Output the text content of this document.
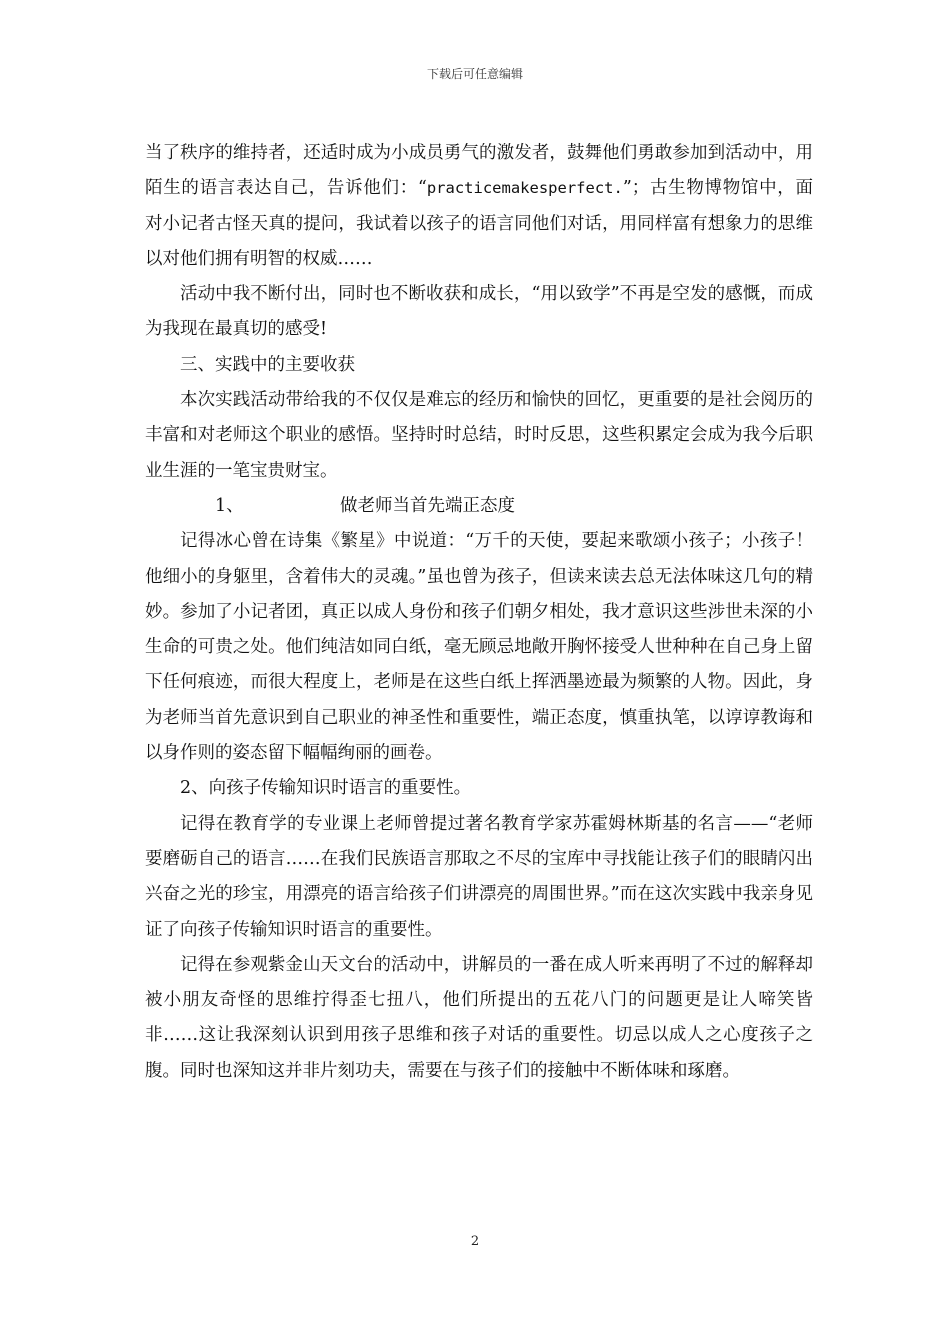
下载后可任意编辑

当了秩序的维持者，还适时成为小成员勇气的激发者，鼓舞他们勇敢参加到活动中，用陌生的语言表达自己，告诉他们：“practicemakesperfect.”；古生物博物馆中，面对小记者古怪天真的提问，我试着以孩子的语言同他们对话，用同样富有想象力的思维以对他们拥有明智的权威……

活动中我不断付出，同时也不断收获和成长，“用以致学”不再是空发的感慨，而成为我现在最真切的感受!

三、实践中的主要收获

本次实践活动带给我的不仅仅是难忘的经历和愉快的回忆，更重要的是社会阅历的丰富和对老师这个职业的感悟。坚持时时总结，时时反思，这些积累定会成为我今后职业生涯的一笔宝贵财宝。

1、	做老师当首先端正态度

记得冰心曾在诗集《繁星》中说道：“万千的天使，要起来歌颂小孩子；小孩子！他细小的身躯里，含着伟大的灵魂。”虽也曾为孩子，但读来读去总无法体味这几句的精妙。参加了小记者团，真正以成人身份和孩子们朝夕相处，我才意识这些涉世未深的小生命的可贵之处。他们纯洁如同白纸，毫无顾忌地敞开胸怀接受人世种种在自己身上留下任何痕迹，而很大程度上，老师是在这些白纸上挥洒墨迹最为频繁的人物。因此，身为老师当首先意识到自己职业的神圣性和重要性，端正态度，慎重执笔，以谆谆教诲和以身作则的姿态留下幅幅绚丽的画卷。

2、向孩子传输知识时语言的重要性。

记得在教育学的专业课上老师曾提过著名教育学家苏霍姆林斯基的名言——“老师要磨砺自己的语言……在我们民族语言那取之不尽的宝库中寻找能让孩子们的眼睛闪出兴奋之光的珍宝，用漂亮的语言给孩子们讲漂亮的周围世界。”而在这次实践中我亲身见证了向孩子传输知识时语言的重要性。

记得在参观紫金山天文台的活动中，讲解员的一番在成人听来再明了不过的解释却被小朋友奇怪的思维拧得歪七扭八，他们所提出的五花八门的问题更是让人啼笑皆非……这让我深刻认识到用孩子思维和孩子对话的重要性。切忌以成人之心度孩子之腹。同时也深知这并非片刻功夫，需要在与孩子们的接触中不断体味和琢磨。

2
